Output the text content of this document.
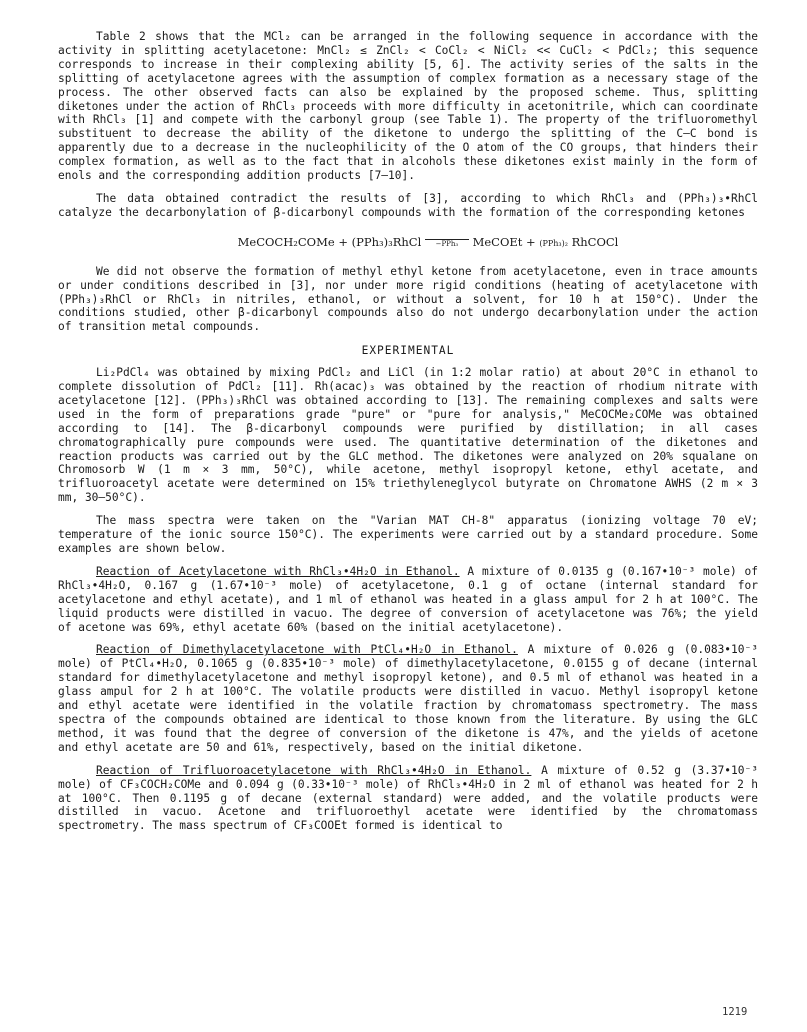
Table 2 shows that the MCl₂ can be arranged in the following sequence in accordance with the activity in splitting acetylacetone: MnCl₂ ≤ ZnCl₂ < CoCl₂ < NiCl₂ << CuCl₂ < PdCl₂; this sequence corresponds to increase in their complexing ability [5, 6]. The activity series of the salts in the splitting of acetylacetone agrees with the assumption of complex formation as a necessary stage of the process. The other observed facts can also be explained by the proposed scheme. Thus, splitting diketones under the action of RhCl₃ proceeds with more difficulty in acetonitrile, which can coordinate with RhCl₃ [1] and compete with the carbonyl group (see Table 1). The property of the trifluoromethyl substituent to decrease the ability of the diketone to undergo the splitting of the C—C bond is apparently due to a decrease in the nucleophilicity of the O atom of the CO groups, that hinders their complex formation, as well as to the fact that in alcohols these diketones exist mainly in the form of enols and the corresponding addition products [7–10].

The data obtained contradict the results of [3], according to which RhCl₃ and (PPh₃)₃•RhCl catalyze the decarbonylation of β-dicarbonyl compounds with the formation of the corresponding ketones

MeCOCH₂COMe + (PPh₃)₃RhCl	−PPh₃	MeCOEt + (PPh₃)₂ RhCOCl

We did not observe the formation of methyl ethyl ketone from acetylacetone, even in trace amounts or under conditions described in [3], nor under more rigid conditions (heating of acetylacetone with (PPh₃)₃RhCl or RhCl₃ in nitriles, ethanol, or without a solvent, for 10 h at 150°C). Under the conditions studied, other β-dicarbonyl compounds also do not undergo decarbonylation under the action of transition metal compounds.

EXPERIMENTAL

Li₂PdCl₄ was obtained by mixing PdCl₂ and LiCl (in 1:2 molar ratio) at about 20°C in ethanol to complete dissolution of PdCl₂ [11]. Rh(acac)₃ was obtained by the reaction of rhodium nitrate with acetylacetone [12]. (PPh₃)₃RhCl was obtained according to [13]. The remaining complexes and salts were used in the form of preparations grade "pure" or "pure for analysis," MeCOCMe₂COMe was obtained according to [14]. The β-dicarbonyl compounds were purified by distillation; in all cases chromatographically pure compounds were used. The quantitative determination of the diketones and reaction products was carried out by the GLC method. The diketones were analyzed on 20% squalane on Chromosorb W (1 m × 3 mm, 50°C), while acetone, methyl isopropyl ketone, ethyl acetate, and trifluoroacetyl acetate were determined on 15% triethyleneglycol butyrate on Chromatone AWHS (2 m × 3 mm, 30–50°C).

The mass spectra were taken on the "Varian MAT CH-8" apparatus (ionizing voltage 70 eV; temperature of the ionic source 150°C). The experiments were carried out by a standard procedure. Some examples are shown below.

Reaction of Acetylacetone with RhCl₃•4H₂O in Ethanol. A mixture of 0.0135 g (0.167•10⁻³ mole) of RhCl₃•4H₂O, 0.167 g (1.67•10⁻³ mole) of acetylacetone, 0.1 g of octane (internal standard for acetylacetone and ethyl acetate), and 1 ml of ethanol was heated in a glass ampul for 2 h at 100°C. The liquid products were distilled in vacuo. The degree of conversion of acetylacetone was 76%; the yield of acetone was 69%, ethyl acetate 60% (based on the initial acetylacetone).

Reaction of Dimethylacetylacetone with PtCl₄•H₂O in Ethanol. A mixture of 0.026 g (0.083•10⁻³ mole) of PtCl₄•H₂O, 0.1065 g (0.835•10⁻³ mole) of dimethylacetylacetone, 0.0155 g of decane (internal standard for dimethylacetylacetone and methyl isopropyl ketone), and 0.5 ml of ethanol was heated in a glass ampul for 2 h at 100°C. The volatile products were distilled in vacuo. Methyl isopropyl ketone and ethyl acetate were identified in the volatile fraction by chromatomass spectrometry. The mass spectra of the compounds obtained are identical to those known from the literature. By using the GLC method, it was found that the degree of conversion of the diketone is 47%, and the yields of acetone and ethyl acetate are 50 and 61%, respectively, based on the initial diketone.

Reaction of Trifluoroacetylacetone with RhCl₃•4H₂O in Ethanol. A mixture of 0.52 g (3.37•10⁻³ mole) of CF₃COCH₂COMe and 0.094 g (0.33•10⁻³ mole) of RhCl₃•4H₂O in 2 ml of ethanol was heated for 2 h at 100°C. Then 0.1195 g of decane (external standard) were added, and the volatile products were distilled in vacuo. Acetone and trifluoroethyl acetate were identified by the chromatomass spectrometry. The mass spectrum of CF₃COOEt formed is identical to

1219
